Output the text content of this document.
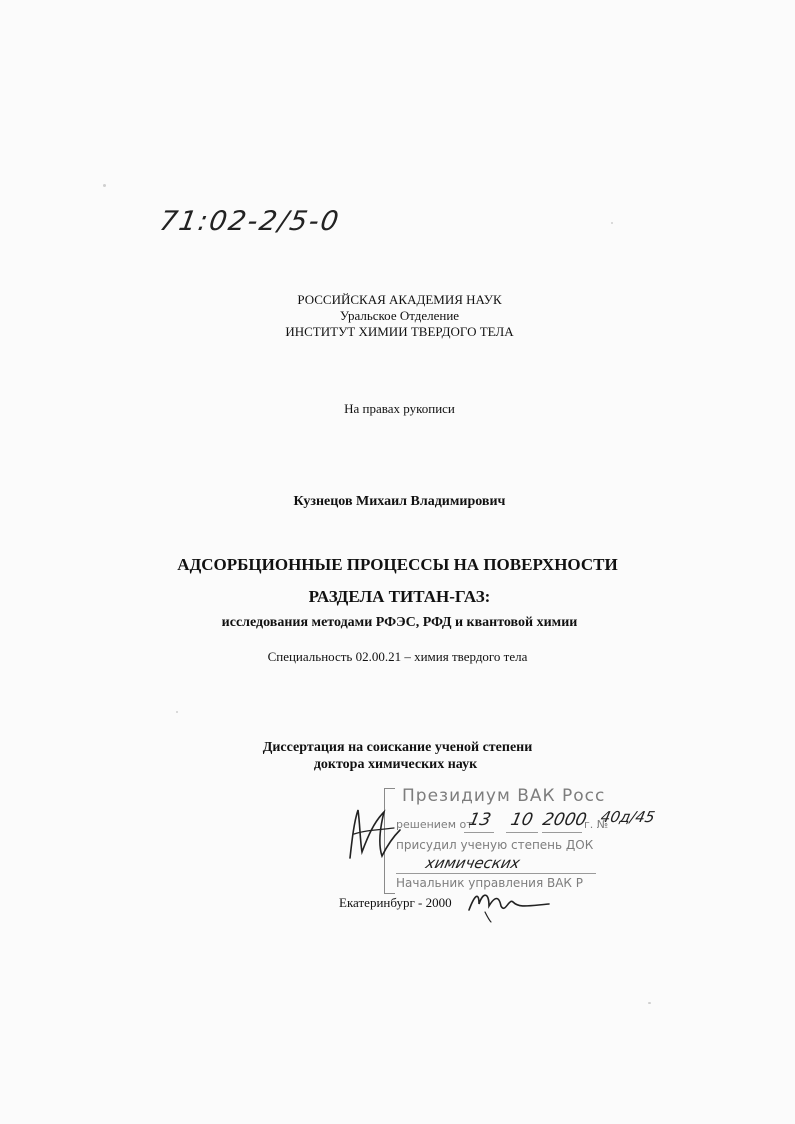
71:02-2/5-0
РОССИЙСКАЯ АКАДЕМИЯ НАУК
Уральское Отделение
ИНСТИТУТ ХИМИИ ТВЕРДОГО ТЕЛА
На правах рукописи
Кузнецов Михаил Владимирович
АДСОРБЦИОННЫЕ ПРОЦЕССЫ НА ПОВЕРХНОСТИ
РАЗДЕЛА ТИТАН-ГАЗ:
исследования методами РФЭС, РФД и квантовой химии
Специальность 02.00.21 – химия твердого тела
Диссертация на соискание ученой степени
доктора химических наук
Президиум ВАК Росс
решением от	г. №
13 10 2000 40д/45
присудил ученую степень ДОК
химических
Начальник управления ВАК Р
Екатеринбург - 2000
